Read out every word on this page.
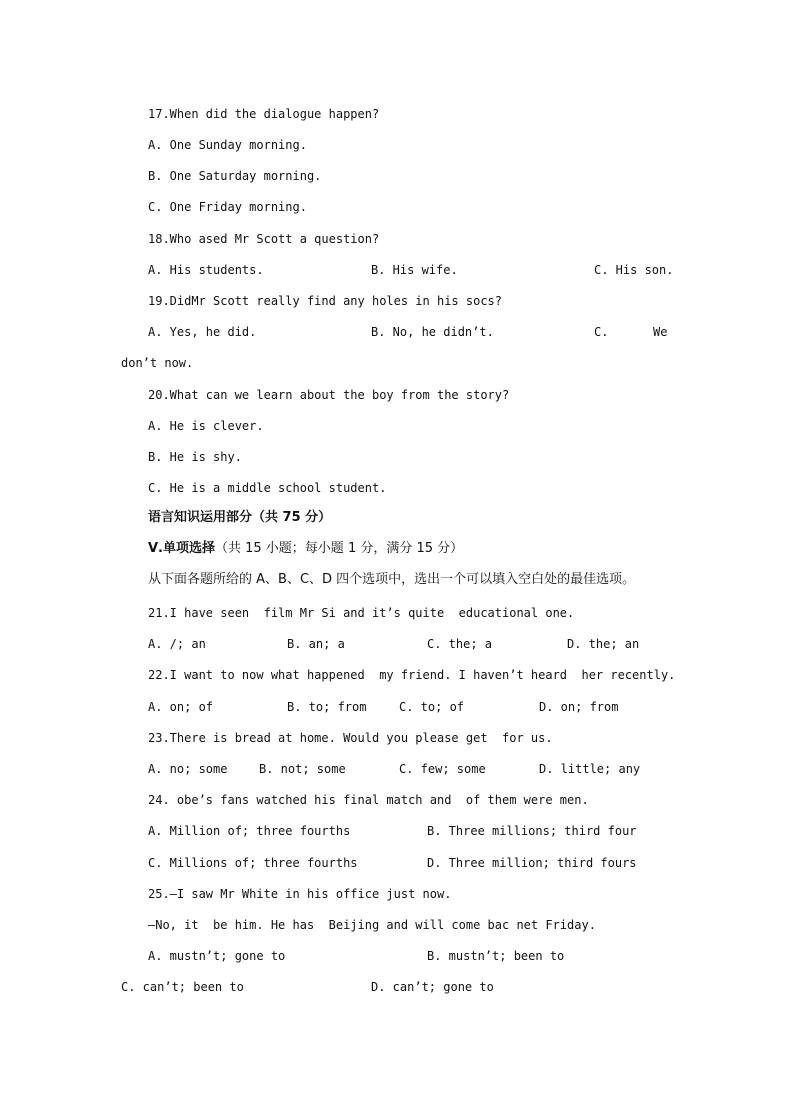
17.When did the dialogue happen?
A. One Sunday morning.
B. One Saturday morning.
C. One Friday morning.
18.Who ased Mr Scott a question?
A. His students.	B. His wife.	C. His son.
19.DidMr Scott really find any holes in his socs?
A. Yes, he did.	B. No, he didn’t.	C.	We
don’t now.
20.What can we learn about the boy from the story?
A. He is clever.
B. He is shy.
C. He is a middle school student.
语言知识运用部分（共 75 分）
Ⅴ.单项选择（共 15 小题；每小题 1 分，满分 15 分）
从下面各题所给的 A、B、C、D 四个选项中，选出一个可以填入空白处的最佳选项。
21.I have seen  film Mr Si and it’s quite  educational one.
A. /; an	B. an; a	C. the; a	D. the; an
22.I want to now what happened  my friend. I haven’t heard  her recently.
A. on; of	B. to; from	C. to; of	D. on; from
23.There is bread at home. Would you please get  for us.
A. no; some	B. not; some	C. few; some	D. little; any
24. obe’s fans watched his final match and  of them were men.
A. Million of; three fourths	B. Three millions; third four
C. Millions of; three fourths	D. Three million; third fours
25.—I saw Mr White in his office just now.
—No, it  be him. He has  Beijing and will come bac net Friday.
A. mustn’t; gone to	B. mustn’t; been to
C. can’t; been to	D. can’t; gone to
